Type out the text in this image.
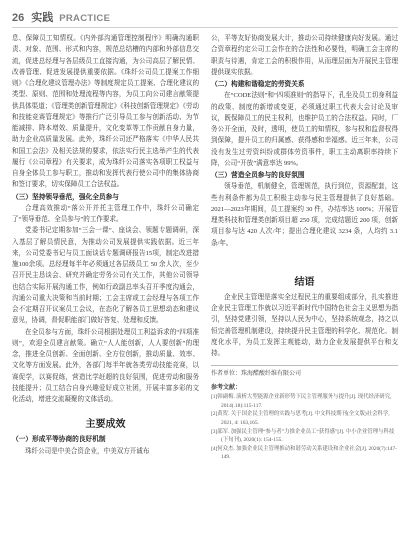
26 实践 PRACTICE

息、保障员工知情权。《内外部沟通管理控制程序》明确沟通职责、对象、范围、形式和内容，规范总结槽的内部和外部信息交流，促进总经理与各层级员工直接沟通，为公司高层了解民情、改善管理、促进发展提供重要依据。《珠纤公司员工提案工作细则》《合理化建议管理办法》等制度规定员工提案、合理化建议的类型、原则、范围和处理流程等内容，为员工向公司建言献策提供具体渠道；《管理类创新管理规定》《科技创新管理规定》《劳动和技能竞赛管理规定》等推行广泛引导员工参与创新活动、为节能减排、降本增效、质量提升，文化变革等工作贡献自身力量，助力企业高质量发展。此外，珠纤公司还严格落实《中华人民共和国工会法》及相关法规的要求，依法实行民主选举产生的代表履行《公司章程》有关要求，成为珠纤公司落实各项职工权益与自身全体员工参与职工，推动和发挥代表行使公司中的集体协商和签订要求，切实保障员工合法权益。

（三）坚持领导垂范，强化全员参与

合理高效推动“落公开并托主管理工作中，珠纤公司确定了“领导垂范、全员参与”的工作要求。

党委书记定期参加“三会一课”、座谈会、领题专题调研，深入基层了解员情民意，为推动公司发展提供实践依据。近三年来，公司党委书记与员工面谈话专题调研报告15项，制定改进措施100余项。总经理每半年必须通过各层级员工 50 余人次，至少召开民主恳谈会、研究并确定劳务公司有关工作，其他公司领导也结合实际开展沟通工作，例如行政副总率头召开季度沟通会，沟通公司重大决策和当前时期；工会主席或工会经理与各项工作会不定期召开议案员工会议，在态化了解各员工思想动态和建议意见，协调，督促职能部门做好答复、处理和反馈。

在全员参与方面，珠纤公司根据处理员工利益诉求的“四项准则”，欢迎全员建言献策。确立“人人能创新，人人要创新”的理念，推进全员创新、全面创新、全方位创新，推动质量、效率、文化等方面发展。此外，各部门每半年就各类劳动技能竞赛，以赛促学，以赛促练，营造比学赶超的良好氛围，促进劳动和服务技能提升；员工结合自身兴趣爱好成立社团，开展丰富多彩的文化活动，增进交流凝聚的文体活动。

主要成效
（一）形成平等协商的良好机制

珠纤公司是中美合资企业，中美双方开诚布

公，平等友好协商发展大计，推动公司持续健康向好发展。通过合资章程约定公司工会作在的合法性和必要性，明确工会主席的职责与待遇，肯定工会的积极作用，从而理层面为开展民主管理提供现实依据。

（二）构建和谐稳定的劳资关系

在“CODE法则”和“四项准则”的指导下，孔坐及员工切身利益的政策、制度的新增或变更，必须通过职工代表大会讨论及审议，既保障员工的民主权利，也维护员工的合法权益。同时，厂务公开全面，及时，透明，使员工的知情权，参与权和监督权得到保障，提升员工的归属感、获得感和幸福感。近三年来，公司没有发生过劳资纠纷或群体劳资事件，职工主动离职率持续下降，公司“开放”满意率达 99%。

（三）营造全员参与的良好氛围

领导垂范，机制健全，管理规范，执行到位，资源配套，这些有利条件都为员工积极主动参与民主管理提供了良好基础。2021—2023年期间，员工提案约 30 件，办结率达 100%；开展管理类科技和管理类创新项目超 250 项，完成结题近 200 项，创新项目参与达 420 人次/年；提出合理化建议 3234 条，人均约 3.1 条/年。

结语

企业民主管理是落实全过程民主的重要组成部分，扎实推进企业民主管理工作就以习近平新时代中国特色社会主义思想为指引，坚持党建引领，坚持以人民为中心，坚持系统观念，持之以恒完善管理机制建设，持续提升民主管理的科学化、规范化、制度化水平，为员工发挥主观能动，助力企业发展提供平台和支持。

作者单位：珠海醋酸纤维有限公司
参考文献：
[1]韩副梅. 演析大型能源企业新形势下民主管理服务与提升[J]. 现代经济研究, 2014(.18):115-117.
[2]黄贺. 关于国企民主管理的实践与思考[J]. 中文科技期刊(全文版)社会科学, 2021, 4: 163,165.
[3]邵军. 加强民主管理“参与者”力推企业员工“获得感”[J]. 中小企业管理与科技(下旬刊), 2020(1): 154-155.
[4]何众杰. 加强企业民主管理推动和谐劳动关系建设和企业社会[J]. 2020(7):147-149.
